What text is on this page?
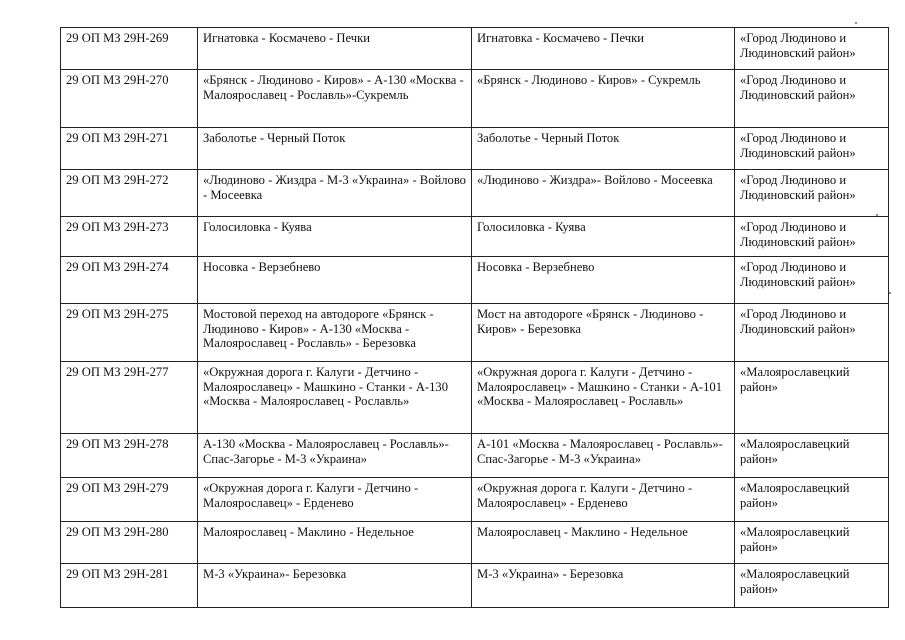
29 ОП МЗ 29Н-269	Игнатовка - Космачево - Печки	Игнатовка - Космачево - Печки	«Город Людиново и Людиновский район»
29 ОП МЗ 29Н-270	«Брянск - Людиново - Киров» - А-130 «Москва - Малоярославец - Рославль»-Сукремль	«Брянск - Людиново - Киров» - Сукремль	«Город Людиново и Людиновский район»
29 ОП МЗ 29Н-271	Заболотье - Черный Поток	Заболотье - Черный Поток	«Город Людиново и Людиновский район»
29 ОП МЗ 29Н-272	«Людиново - Жиздра - М-3 «Украина» - Войлово - Мосеевка	«Людиново - Жиздра»- Войлово - Мосеевка	«Город Людиново и Людиновский район»
29 ОП МЗ 29Н-273	Голосиловка - Куява	Голосиловка - Куява	«Город Людиново и Людиновский район»
29 ОП МЗ 29Н-274	Носовка - Верзебнево	Носовка - Верзебнево	«Город Людиново и Людиновский район»
29 ОП МЗ 29Н-275	Мостовой переход на автодороге «Брянск - Людиново - Киров» - А-130 «Москва - Малоярославец - Рославль» - Березовка	Мост на автодороге «Брянск - Людиново - Киров» - Березовка	«Город Людиново и Людиновский район»
29 ОП МЗ 29Н-277	«Окружная дорога г. Калуги - Детчино - Малоярославец» - Машкино - Станки - А-130 «Москва - Малоярославец - Рославль»	«Окружная дорога г. Калуги - Детчино - Малоярославец» - Машкино - Станки - А-101 «Москва - Малоярославец - Рославль»	«Малоярославецкий район»
29 ОП МЗ 29Н-278	А-130 «Москва - Малоярославец - Рославль»- Спас-Загорье - М-3 «Украина»	А-101 «Москва - Малоярославец - Рославль»- Спас-Загорье - М-3 «Украина»	«Малоярославецкий район»
29 ОП МЗ 29Н-279	«Окружная дорога г. Калуги - Детчино - Малоярославец» - Ерденево	«Окружная дорога г. Калуги - Детчино - Малоярославец» - Ерденево	«Малоярославецкий район»
29 ОП МЗ 29Н-280	Малоярославец - Маклино - Недельное	Малоярославец - Маклино - Недельное	«Малоярославецкий район»
29 ОП МЗ 29Н-281	М-3 «Украина»- Березовка	М-3 «Украина» - Березовка	«Малоярославецкий район»
